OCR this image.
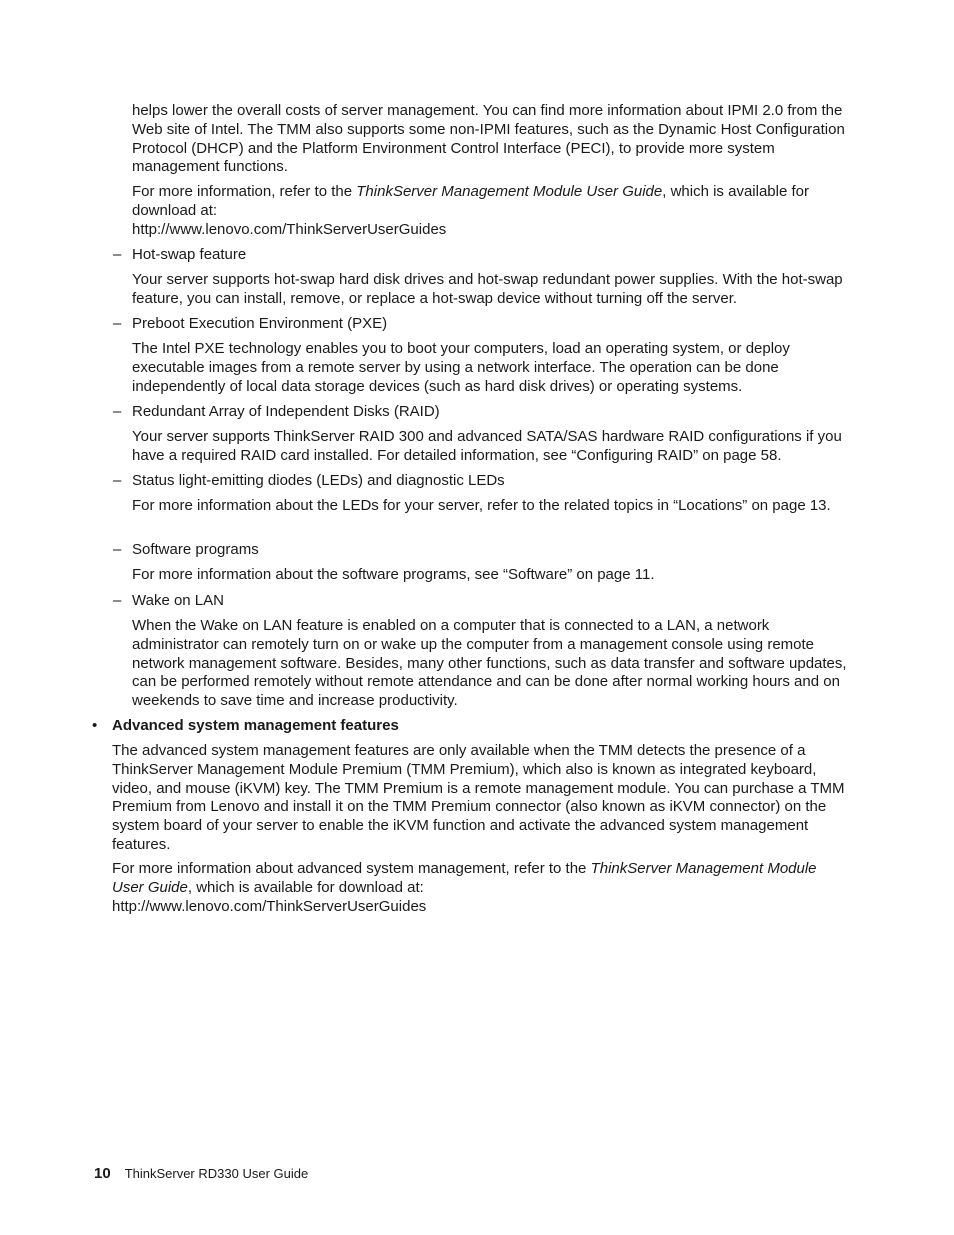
helps lower the overall costs of server management. You can find more information about IPMI 2.0 from the Web site of Intel. The TMM also supports some non-IPMI features, such as the Dynamic Host Configuration Protocol (DHCP) and the Platform Environment Control Interface (PECI), to provide more system management functions.

For more information, refer to the ThinkServer Management Module User Guide, which is available for download at:
http://www.lenovo.com/ThinkServerUserGuides
– Hot-swap feature

Your server supports hot-swap hard disk drives and hot-swap redundant power supplies. With the hot-swap feature, you can install, remove, or replace a hot-swap device without turning off the server.

– Preboot Execution Environment (PXE)

The Intel PXE technology enables you to boot your computers, load an operating system, or deploy executable images from a remote server by using a network interface. The operation can be done independently of local data storage devices (such as hard disk drives) or operating systems.

– Redundant Array of Independent Disks (RAID)

Your server supports ThinkServer RAID 300 and advanced SATA/SAS hardware RAID configurations if you have a required RAID card installed. For detailed information, see “Configuring RAID” on page 58.

– Status light-emitting diodes (LEDs) and diagnostic LEDs

For more information about the LEDs for your server, refer to the related topics in “Locations” on page 13.

– Software programs

For more information about the software programs, see “Software” on page 11.

– Wake on LAN

When the Wake on LAN feature is enabled on a computer that is connected to a LAN, a network administrator can remotely turn on or wake up the computer from a management console using remote network management software. Besides, many other functions, such as data transfer and software updates, can be performed remotely without remote attendance and can be done after normal working hours and on weekends to save time and increase productivity.

• Advanced system management features

The advanced system management features are only available when the TMM detects the presence of a ThinkServer Management Module Premium (TMM Premium), which also is known as integrated keyboard, video, and mouse (iKVM) key. The TMM Premium is a remote management module. You can purchase a TMM Premium from Lenovo and install it on the TMM Premium connector (also known as iKVM connector) on the system board of your server to enable the iKVM function and activate the advanced system management features.

For more information about advanced system management, refer to the ThinkServer Management Module User Guide, which is available for download at:
http://www.lenovo.com/ThinkServerUserGuides
10 ThinkServer RD330 User Guide
